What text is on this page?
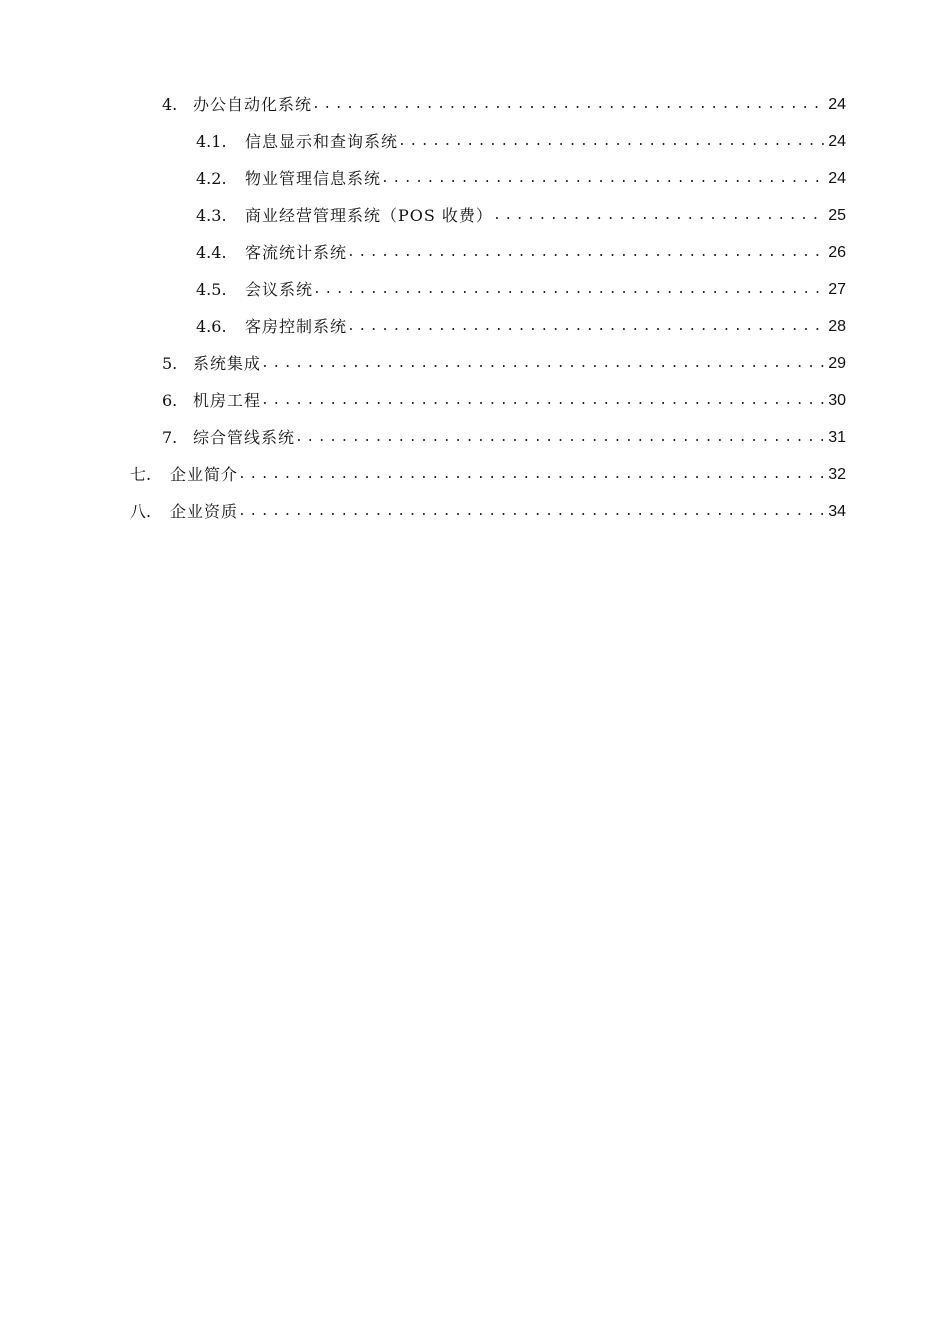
4. 办公自动化系统 .....	24
4.1.	信息显示和查询系统 .....	24
4.2.	物业管理信息系统 .....	24
4.3.	商业经营管理系统（POS 收费） .....	25
4.4.	客流统计系统 .....	26
4.5.	会议系统 .....	27
4.6.	客房控制系统 .....	28
5. 系统集成 .....	29
6. 机房工程 .....	30
7. 综合管线系统 .....	31
七.	企业简介 .....	32
八.	企业资质 .....	34
